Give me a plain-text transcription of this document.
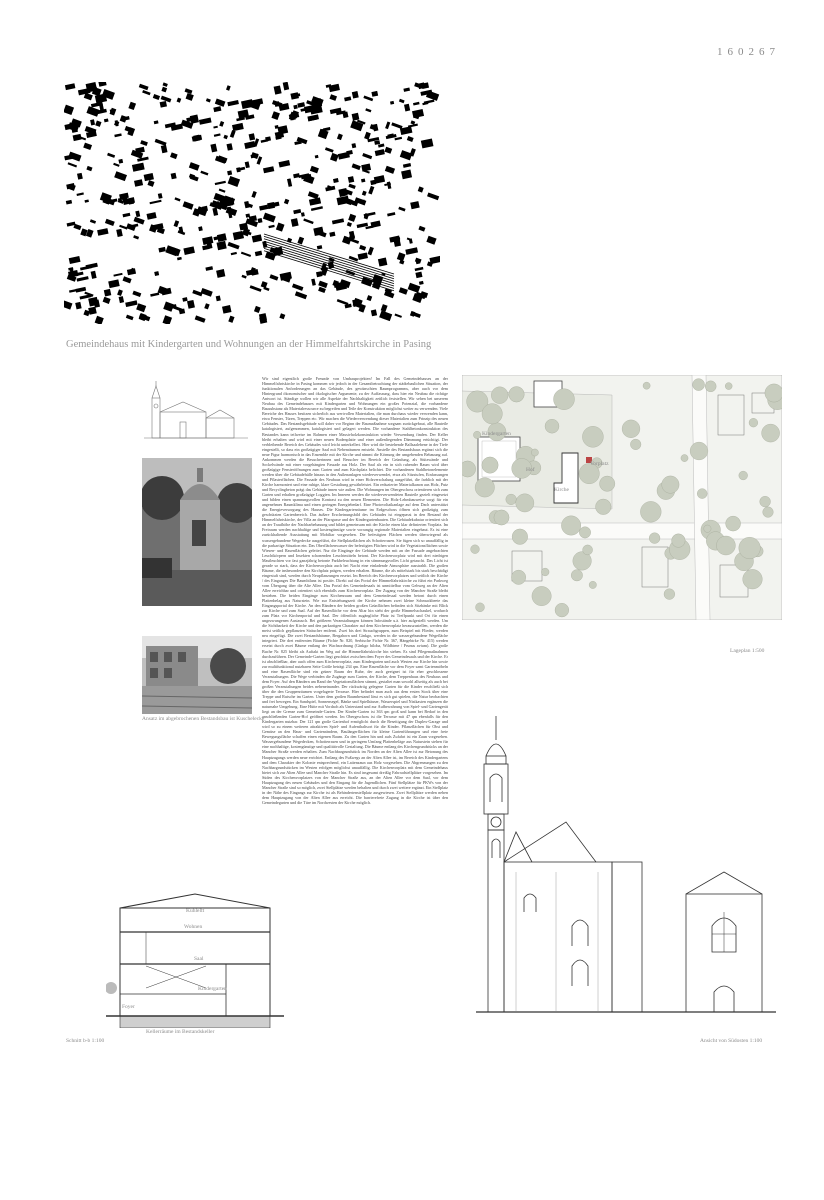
160267
Gemeindehaus mit Kindergarten und Wohnungen an der Himmelfahrtskirche in Pasing
Ansatz im abgebrochenen Bestandsbau ist Kuschelecke
Wir sind eigentlich große Freunde von Umbauprojekten! Im Fall des Gemeindehauses an der Himmelfahrtskirche in Pasing kommen wir jedoch in der Gesamtbetrachtung der städtebaulichen Situation, der funktionalen Anforderungen an das Gebäude, des gewünschten Raumprogramms, aber auch vor dem Hintergrund ökonomischer und ökologischer Argumente, zu der Auffassung, dass hier ein Neubau die richtige Antwort ist. Ständige wollen wir alle Aspekte der Nachhaltigkeit zeitlich feststellen. Wir sehen bei unserem Neubau des Gemeindehauses mit Kindergarten und Wohnungen ein großes Potenzial, die vorhandene Bausubstanz als Materialressource zu begreifen und Teile der Konstruktion möglichst weiter zu verwenden. Viele Bereiche des Hauses besitzen sicherlich aus wertvollen Materialien, die man durchaus wieder verwenden kann, etwa Fenster, Türen, Treppen etc. Wir machen die Wiederverwendung dieser Materialien zum Prinzip des neuen Gebäudes. Das Bestandsgebäude soll daher vor Beginn der Baumaßnahme sorgsam zurückgebaut, alle Bauteile katalogisiert, aufgenommen, katalogisiert und gelagert werden. Die vorhandene Stahlbetonkonstruktion des Bestandes kann teilweise im Rahmen einer Massivholzkonstruktion wieder Verwendung finden. Der Keller bleibt erhalten und wird mit einer neuen Bodenplatte und einer außenliegenden Dämmung ertüchtigt. Der verbleibende Bereich des Gebäudes wird leicht unterkellert. Hier wird die bestehende Ballsaalebene in der Tiefe eingestellt, so dass ein großzügiger Saal mit Nebenräumen entsteht. Anstelle des Bestandsbaus ergänzt sich die neue Figur harmonisch in das Ensemble mit der Kirche und nimmt die Körnung der umgebenden Bebauung auf. Ankommen werden die Besucherinnen und Besucher im Bereich der Gründung, als Stützwände und Sockelwände mit einer vorgehängten Fassade aus Holz. Der Saal als ein in sich ruhender Raum wird über großzügige Fensteröffnungen zum Garten und zum Kirchplatz belichtet. Die vorhandenen Stahlbetonelemente werden über die Gebäudehülle hinaus in den Außenanlagen wiederverwendet, etwa als Sitzstufen, Einfassungen und Pflasterflächen. Die Fassade des Neubaus wird in einer Holzverschalung ausgeführt, die farblich mit der Kirche harmoniert und eine ruhige, klare Gestaltung gewährleistet. Ein reduzierter Materialkanon aus Holz, Putz und Recyclingbeton prägt das Gebäude innen wie außen. Die Wohnungen im Obergeschoss orientieren sich zum Garten und erhalten großzügige Loggien. Im Inneren werden die wiederverwendeten Bauteile gezielt eingesetzt und bilden einen spannungsvollen Kontrast zu den neuen Elementen. Die Holz-Lehmbauweise sorgt für ein angenehmes Raumklima und einen geringen Energiebedarf. Eine Photovoltaikanlage auf dem Dach unterstützt die Energieversorgung des Hauses. Die Kindergartenräume im Erdgeschoss öffnen sich großzügig zum geschützten Gartenbereich. Das äußere Erscheinungsbild des Gebäudes ist eingepasst in den Bestand der Himmelfahrtskirche, der Villa an der Pfarrgasse und der Kindergartenbauten. Die Gebäudekubatur orientiert sich an der Traufhöhe der Nachbarbebauung und bildet gemeinsam mit der Kirche einen klar definierten Vorplatz. Im Freiraum werden nachhaltige und kostengünstige sowie vorrangig regionale Materialien eingebaut. Es ist eine zurückhaltende Ausstattung mit Mobiliar vorgesehen. Die befestigten Flächen werden überwiegend als wassergebundene Wegedecke ausgeführt, die Stellplatzflächen als Schotterrasen. Sie fügen sich so unauffällig in die parkartige Situation ein. Das Oberflächenwasser der befestigten Flächen wird in die Vegetationsflächen sowie Wiesen- und Rasenflächen geleitet. Nur die Eingänge der Gebäude werden mit an der Fassade angebrachten Leuchtkörpern und Insekten schonenden Leuchtmitteln betont. Der Kirchenvorplatz wird mit drei niedrigen Mastleuchten vor fast ganzjährig betonte Parkbeleuchtung in ein stimmungsvolles Licht getaucht. Das Licht ist gerade so stark, dass der Kirchenvorplatz auch bei Nacht eine einladende Atmosphäre ausstrahlt. Die großen Bäume, die insbesondere den Kirchplatz prägen, werden erhalten. Bäume, die als mittelstark bis stark beschädigt eingestuft sind, werden durch Neupflanzungen ersetzt. Im Bereich des Kirchenvorplatzes und seitlich der Kirche / des Einganges Die Baumbilanz ist positiv. Direkt auf das Portal der Himmelfahrtskirche zu führt ein Parkweg vom Übergang über die Alte Allee. Das Portal des Gemeindesaals ist unmittelbar vom Gehweg an der Alten Allee erreichbar und orientiert sich ebenfalls zum Kirchenvorplatz. Der Zugang von der Mancher Straße bleibt bestehen. Die beiden Eingänge zum Kirchenraum und dem Gemeindesaal werden betont durch einen Plattenbelag aus Naturstein. Wie zur Entstehungszeit der Kirche nehmen zwei kleine Schmuckbeete das Eingangsportal der Kirche. An den Rändern der beiden großen Grünflächen befinden sich Sitzbänke mit Blick zur Kirche und zum Saal. Auf der Rasenfläche vor dem Altar hin steht der große Himmelsschaukel, wodurch zum Platz vor Kirchenportal und Saal. Der öffentlich zugängliche Platz ist Treffpunkt und Ort für einen ungezwungenen Austausch. Bei größeren Veranstaltungen können Infostände u.ä. hier aufgestellt werden. Um die Sichtbarkeit der Kirche und den parkartigen Charakter auf dem Kirchenvorplatz herauszustellen, werden die meist seitlich gepflanzten Sträucher entfernt. Zwei bis drei Strauchgruppen, zum Beispiel mit Flieder, werden neu eingefügt. Die zwei Bestandsbäume, Bergahorn und Ginkgo, werden in die wassergebundene Wegefläche integriert. Die drei entfernten Bäume (Fichte Nr. 820, Serbische Fichte Nr. 367, Hängebirke Nr. 415) werden ersetzt durch zwei Bäume entlang der Wachsordnung (Ginkgo biloba, Wildbirne / Prunus avium). Die große Buche Nr. 825 bleibt als Auftakt im Weg auf die Himmelfahrtskirche hin stehen. Es sind Pflegemaßnahmen durchzuführen. Der Gemeinde-Garten liegt geschützt zwischen dem Foyer des Gemeindesaals und der Kirche. Er ist abschließbar, aber auch offen zum Kirchenvorplatz, zum Kindergarten und auch Westen zur Kirche hin sowie zur multifunktional nutzbaren Seite Größe beträgt 234 qm. Eine Rasenfläche vor dem Foyer samt Gartenmöbeln und eine Rasenfläche sind ein grüner Raum der Ruhe, der auch geeignet ist für eher geschlossene Veranstaltungen. Die Wege verbinden die Zugänge zum Garten, der Kirche, dem Treppenhaus des Neubaus und dem Foyer. Auf den Rändern am Rand der Vegetationsflächen stimmt, gestaltet man sowohl allseitig als auch bei großen Veranstaltungen beides nebeneinander. Der rückwärtig gelegene Garten für die Kinder erschließt sich über die den Gruppenräumen vorgelagerte Terrasse. Hier befindet man auch aus dem ersten Stock über eine Treppe und Rutsche im Garten. Unter dem großen Baumbestand lässt es sich gut spielen, die Natur beobachten und frei bewegen. Ein Sandspiel, Sonnensegel, Bänke und Spielhäuser, Wasserspiel und Nistkasten ergänzen die naturnahe Umgebung. Eine Hütte mit Vordach als Unterstand und zur Aufbewahrung von Spiel- und Gartengerät liegt an der Grenze zum Gemeinde-Garten. Der Kinder-Garten ist 363 qm groß und kann bei Bedarf in den anschließenden Garten-Hof geöffnet werden. Im Obergeschoss ist die Terrasse mit 47 qm ebenfalls für den Kindergarten nutzbar. Der 121 qm große Gartenhof ermöglicht durch die Beseitigung der Duplex-Garage und wird so zu einem weiteren attraktiven Spiel- und Aufenthaltsort für die Kinder. Pflanzflächen für Obst und Gemüse an den Haus- und Gartenrändern, Baulängerflächen für kleine Gartenführungen und eine freie Bewegungsfläche schaffen einen eigenen Raum. Zu den Garten hin und aufs Zufahrt ist ein Zaun vorgesehen. Wassergebundene Wegedecken, Schotterrasen und in geringem Umfang Plattenbeläge aus Naturstein stehen für eine nachhaltige, kostengünstige und qualitätvolle Gestaltung. Die Bäume entlang des Kirchengrundstücks an der Mancher Straße werden erhalten. Zum Nachbargrundstück im Norden an der Alten Allee ist zur Betonung des Hauptzugangs werden neue errichtet. Entlang des Fußwegs an der Alten Allee ist, im Bereich des Kindergartens und dem Charakter der Kolonie entsprechend, ein Lattenzaun aus Holz vorgesehen. Die Abgrenzungen zu den Nachbargrundstücken im Westen erfolgen möglichst unauffällig. Die Kirchenvorplatz mit dem Gemeindehaus bietet sich zur Alten Allee und Mancher Straße hin. Es sind insgesamt dreißig Fahrradstellplätze vorgesehen. Im Süden des Kirchenvorplatzes von der Mancher Straße aus, an der Alten Allee vor dem Saal, vor dem Hauptzugang des neuen Gebäudes und den Eingang für die Jugendlichen. Fünf Stellplätze für PKWs von der Mancher Straße sind so möglich, zwei Stellplätze werden behalten und durch zwei weitere ergänzt. Ein Stellplatz in der Nähe des Eingangs zur Kirche ist als Behindertenstellplatz ausgewiesen. Zwei Stellplätze werden neben dem Hauptzugang von der Alten Allee aus erreicht. Die barrierefreie Zugang in die Kirche ist über den Gemeindegarten und die Türe im Nordwesten der Kirche möglich.
Kindergarten
Hof
Vorplatz
Kirche
Lageplan 1:500
Kuhlelft
Wohnen
Saal
Kindergarten
Foyer
Kellerräume im Bestandskeller
Schnitt b-b 1:100	Ansicht von Südosten 1:100
